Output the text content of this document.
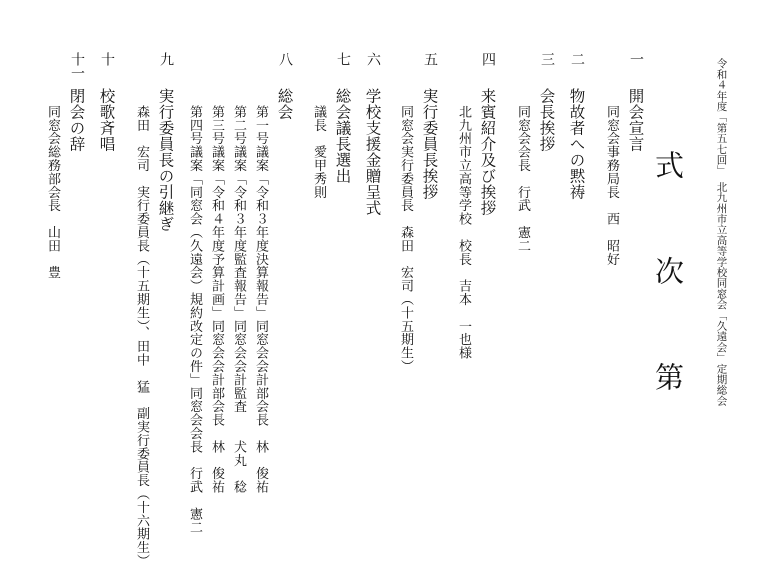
令和４年度「第五七回」　北九州市立高等学校同窓会「久遠会」定期総会
式　次　第
一
開会宣言
同窓会事務局長　西　昭好
二
物故者への黙祷
三
会長挨拶
同窓会会長　行武　憲二
四
来賓紹介及び挨拶
北九州市立高等学校　校長　吉本　一也様
五
実行委員長挨拶
同窓会実行委員長　森田　宏司（十五期生）
六
学校支援金贈呈式
七
総会議長選出
議長　愛甲秀則
八
総会
第一号議案「令和３年度決算報告」同窓会会計部会長　林　俊祐
第二号議案「令和３年度監査報告」同窓会会計監査　　犬丸　稔
第三号議案「令和４年度予算計画」同窓会会計部会長　林　俊祐
第四号議案「同窓会（久遠会）規約改定の件」同窓会会長　行武　憲二
九
実行委員長の引継ぎ
森田　宏司　実行委員長（十五期生）、田中　猛　副実行委員長（十六期生）
十
校歌斉唱
十一
閉会の辞
同窓会総務部会長　山田　豊
